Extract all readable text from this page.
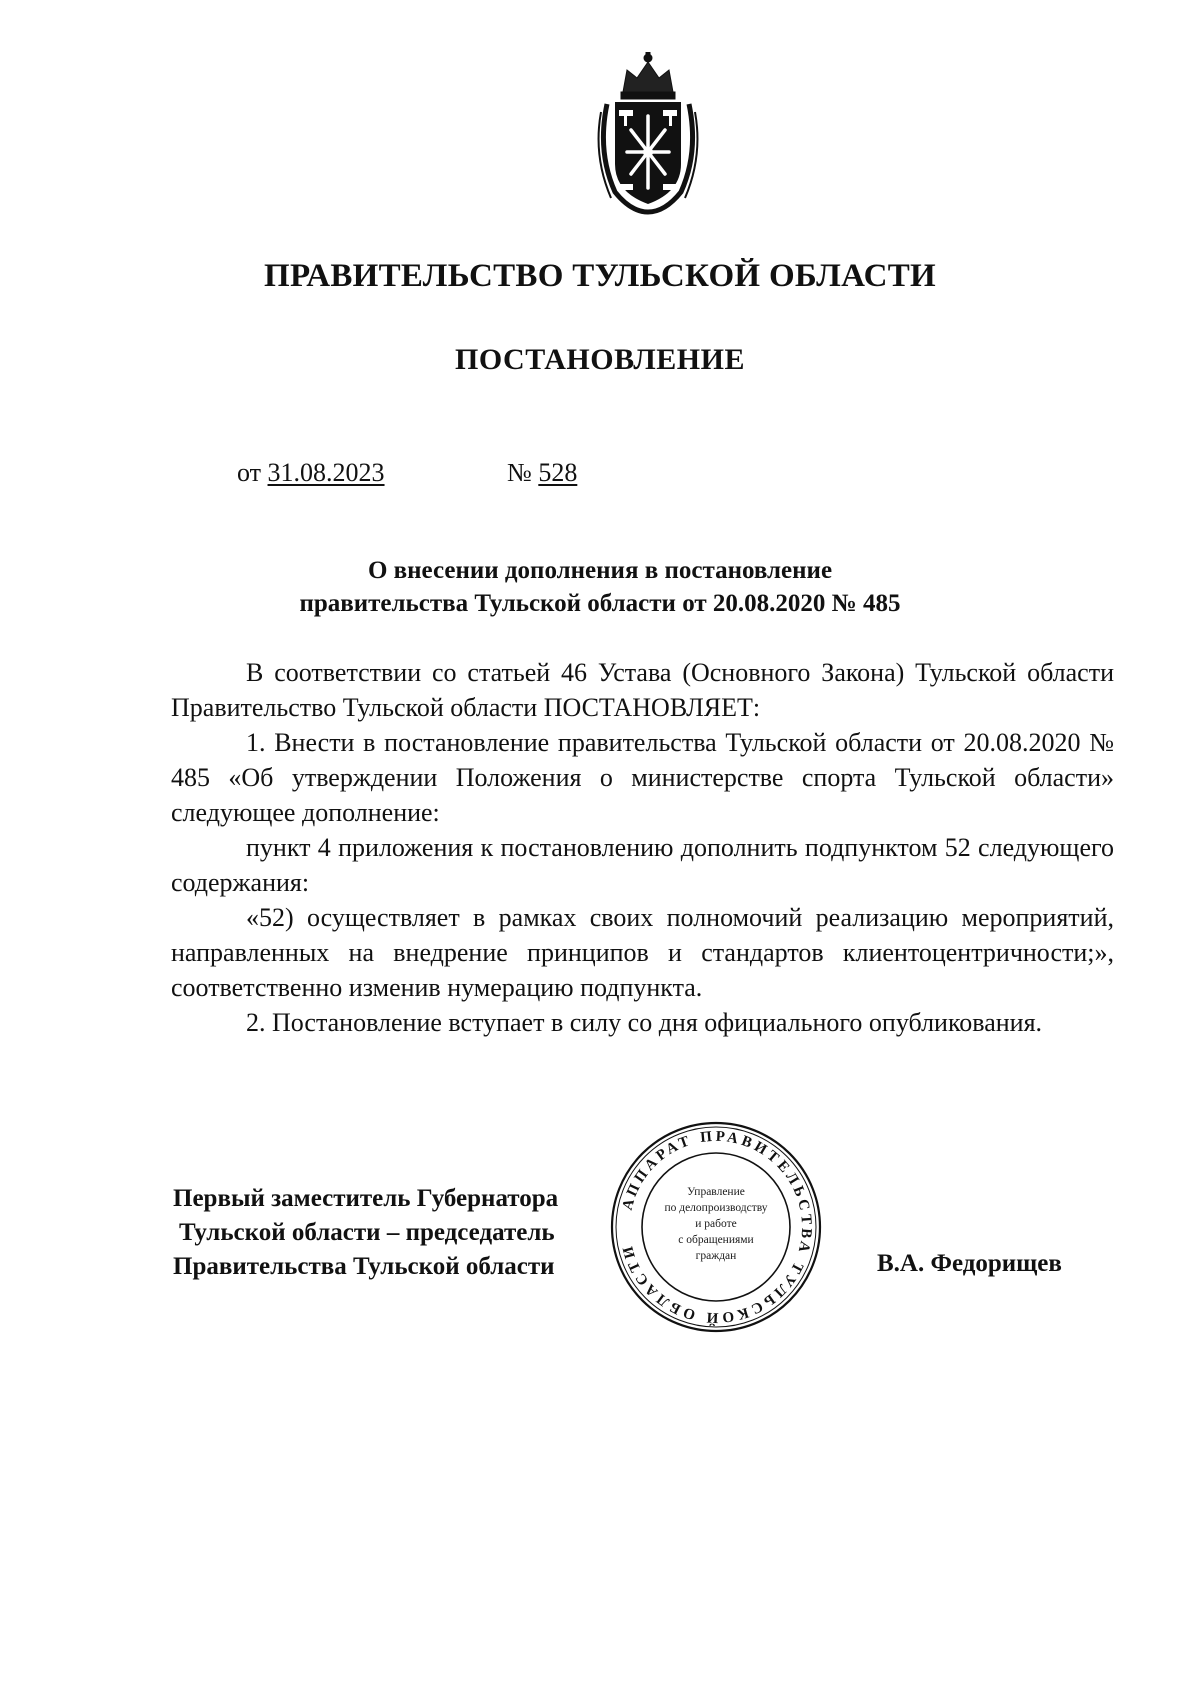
ПРАВИТЕЛЬСТВО ТУЛЬСКОЙ ОБЛАСТИ
ПОСТАНОВЛЕНИЕ
от 31.08.2023	№ 528
О внесении дополнения в постановление
правительства Тульской области от 20.08.2020 № 485

В соответствии со статьей 46 Устава (Основного Закона) Тульской области Правительство Тульской области ПОСТАНОВЛЯЕТ:

1. Внести в постановление правительства Тульской области от 20.08.2020 № 485 «Об утверждении Положения о министерстве спорта Тульской области» следующее дополнение:

пункт 4 приложения к постановлению дополнить подпунктом 52 следующего содержания:

«52) осуществляет в рамках своих полномочий реализацию мероприятий, направленных на внедрение принципов и стандартов клиентоцентричности;», соответственно изменив нумерацию подпункта.

2. Постановление вступает в силу со дня официального опубликования.

АППАРАТ ПРАВИТЕЛЬСТВА ТУЛЬСКОЙ ОБЛАСТИ
Управление
по делопроизводству
и работе
с обращениями
граждан
Первый заместитель Губернатора
Тульской области – председатель
Правительства Тульской области	В.А. Федорищев
